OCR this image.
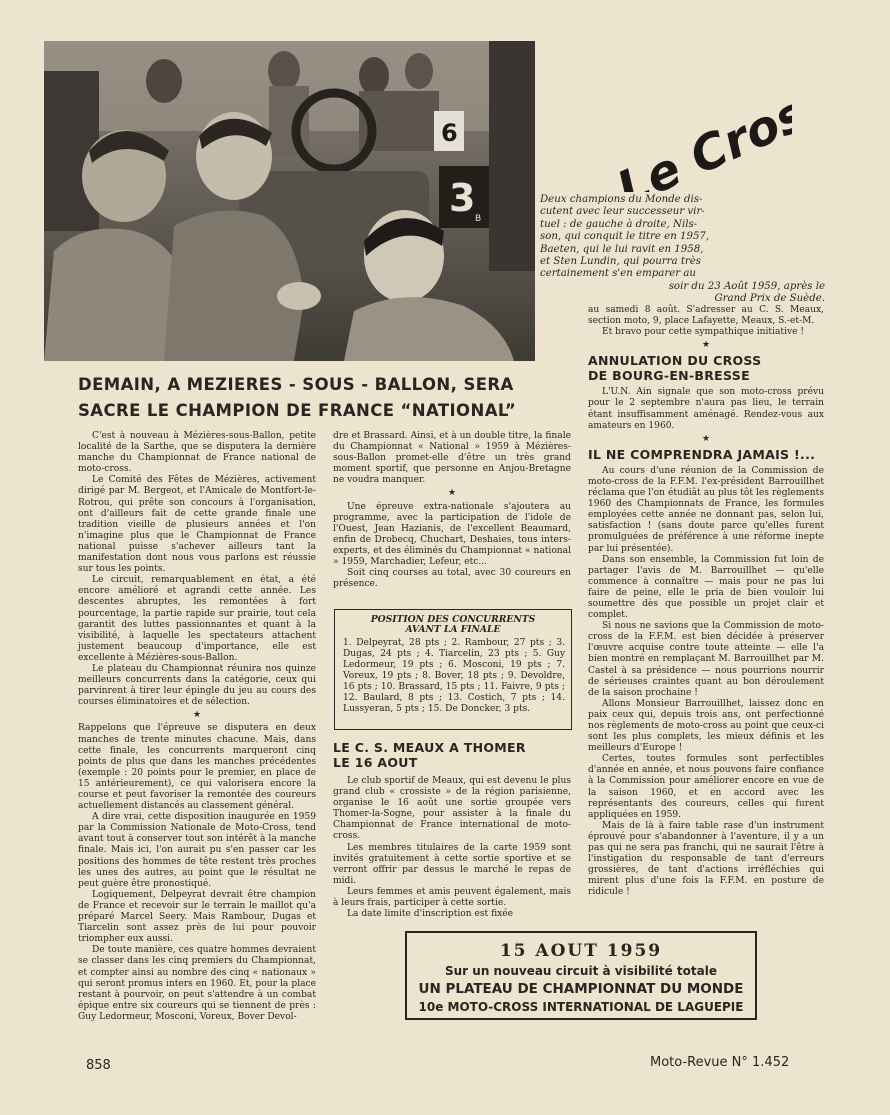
6
3 B
Le Cross
Deux champions du Monde dis-
cutent avec leur successeur vir-
tuel : de gauche à droite, Nils-
son, qui conquit le titre en 1957,
Baeten, qui le lui ravit en 1958,
et Sten Lundin, qui pourra très
certainement s'en emparer au
soir du 23 Août 1959, après le
Grand Prix de Suède.
DEMAIN, A MEZIERES - SOUS - BALLON, SERA
SACRE LE CHAMPION DE FRANCE “NATIONAL”

C'est à nouveau à Mézières-sous-Ballon, petite localité de la Sarthe, que se disputera la dernière manche du Championnat de France national de moto-cross.

Le Comité des Fêtes de Mézières, activement dirigé par M. Bergeot, et l'Amicale de Montfort-le-Rotrou, qui prête son concours à l'organisation, ont d'ailleurs fait de cette grande finale une tradition vieille de plusieurs années et l'on n'imagine plus que le Championnat de France national puisse s'achever ailleurs tant la manifestation dont nous vous parlons est réussie sur tous les points.

Le circuit, remarquablement en état, a été encore amélioré et agrandi cette année. Les descentes abruptes, les remontées à fort pourcentage, la partie rapide sur prairie, tout cela garantit des luttes passionnantes et quant à la visibilité, à laquelle les spectateurs attachent justement beaucoup d'importance, elle est excellente à Mézières-sous-Ballon.

Le plateau du Championnat réunira nos quinze meilleurs concurrents dans la catégorie, ceux qui parvinrent à tirer leur épingle du jeu au cours des courses éliminatoires et de sélection.

★

Rappelons que l'épreuve se disputera en deux manches de trente minutes chacune. Mais, dans cette finale, les concurrents marqueront cinq points de plus que dans les manches précédentes (exemple : 20 points pour le premier, en place de 15 antérieurement), ce qui valorisera encore la course et peut favoriser la remontée des coureurs actuellement distancés au classement général.

A dire vrai, cette disposition inaugurée en 1959 par la Commission Nationale de Moto-Cross, tend avant tout à conserver tout son intérêt à la manche finale. Mais ici, l'on aurait pu s'en passer car les positions des hommes de tête restent très proches les unes des autres, au point que le résultat ne peut guère être pronostiqué.

Logiquement, Delpeyrat devrait être champion de France et recevoir sur le terrain le maillot qu'a préparé Marcel Seery. Mais Rambour, Dugas et Tiarcelin sont assez près de lui pour pouvoir triompher eux aussi.

De toute manière, ces quatre hommes devraient se classer dans les cinq premiers du Championnat, et compter ainsi au nombre des cinq « nationaux » qui seront promus inters en 1960. Et, pour la place restant à pourvoir, on peut s'attendre à un combat épique entre six coureurs qui se tiennent de près : Guy Ledormeur, Mosconi, Voreux, Bover Devol-

dre et Brassard. Ainsi, et à un double titre, la finale du Championnat « National » 1959 à Mézières-sous-Ballon promet-elle d'être un très grand moment sportif, que personne en Anjou-Bretagne ne voudra manquer.

★

Une épreuve extra-nationale s'ajoutera au programme, avec la participation de l'idole de l'Ouest, Jean Hazianis, de l'excellent Beaumard, enfin de Drobecq, Chuchart, Deshaies, tous inters-experts, et des éliminés du Championnat « national » 1959, Marchadier, Lefeur, etc...

Soit cinq courses au total, avec 30 coureurs en présence.

POSITION DES CONCURRENTS
AVANT LA FINALE
1. Delpeyrat, 28 pts ; 2. Rambour, 27 pts ; 3. Dugas, 24 pts ; 4. Tiarcelin, 23 pts ; 5. Guy Ledormeur, 19 pts ; 6. Mosconi, 19 pts ; 7. Voreux, 19 pts ; 8. Bover, 18 pts ; 9. Devoldre, 16 pts ; 10. Brassard, 15 pts ; 11. Faivre, 9 pts ; 12. Baulard, 8 pts ; 13. Costich, 7 pts ; 14. Lussyeran, 5 pts ; 15. De Doncker, 3 pts.
LE C. S. MEAUX A THOMER
LE 16 AOUT

Le club sportif de Meaux, qui est devenu le plus grand club « crossiste » de la région parisienne, organise le 16 août une sortie groupée vers Thomer-la-Sogne, pour assister à la finale du Championnat de France international de moto-cross.

Les membres titulaires de la carte 1959 sont invités gratuitement à cette sortie sportive et se verront offrir par dessus le marché le repas de midi.

Leurs femmes et amis peuvent également, mais à leurs frais, participer à cette sortie.

La date limite d'inscription est fixée

au samedi 8 août. S'adresser au C. S. Meaux, section moto, 9, place Lafayette, Meaux, S.-et-M.

Et bravo pour cette sympathique initiative !

★
ANNULATION DU CROSS
DE BOURG-EN-BRESSE

L'U.N. Ain signale que son moto-cross prévu pour le 2 septembre n'aura pas lieu, le terrain étant insuffisamment aménagé. Rendez-vous aux amateurs en 1960.

★
IL NE COMPRENDRA JAMAIS !...

Au cours d'une réunion de la Commission de moto-cross de la F.F.M. l'ex-président Barrouillhet réclama que l'on étudiât au plus tôt les règlements 1960 des Championnats de France, les formules employées cette année ne donnant pas, selon lui, satisfaction ! (sans doute parce qu'elles furent promulguées de préférence à une réforme inepte par lui présentée).

Dans son ensemble, la Commission fut loin de partager l'avis de M. Barrouillhet — qu'elle commence à connaître — mais pour ne pas lui faire de peine, elle le pria de bien vouloir lui soumettre dès que possible un projet clair et complet.

Si nous ne savions que la Commission de moto-cross de la F.F.M. est bien décidée à préserver l'œuvre acquise contre toute atteinte — elle l'a bien montré en remplaçant M. Barrouillhet par M. Castel à sa présidence — nous pourrions nourrir de sérieuses craintes quant au bon déroulement de la saison prochaine !

Allons Monsieur Barrouillhet, laissez donc en paix ceux qui, depuis trois ans, ont perfectionné nos règlements de moto-cross au point que ceux-ci sont les plus complets, les mieux définis et les meilleurs d'Europe !

Certes, toutes formules sont perfectibles d'année en année, et nous pouvons faire confiance à la Commission pour améliorer encore en vue de la saison 1960, et en accord avec les représentants des coureurs, celles qui furent appliquées en 1959.

Mais de là à faire table rase d'un instrument éprouvé pour s'abandonner à l'aventure, il y a un pas qui ne sera pas franchi, qui ne saurait l'être à l'instigation du responsable de tant d'erreurs grossières, de tant d'actions irréfléchies qui mirent plus d'une fois la F.F.M. en posture de ridicule !

15 AOUT 1959
Sur un nouveau circuit à visibilité totale
UN PLATEAU DE CHAMPIONNAT DU MONDE
10e MOTO-CROSS INTERNATIONAL DE LAGUEPIE
858	Moto-Revue N° 1.452
